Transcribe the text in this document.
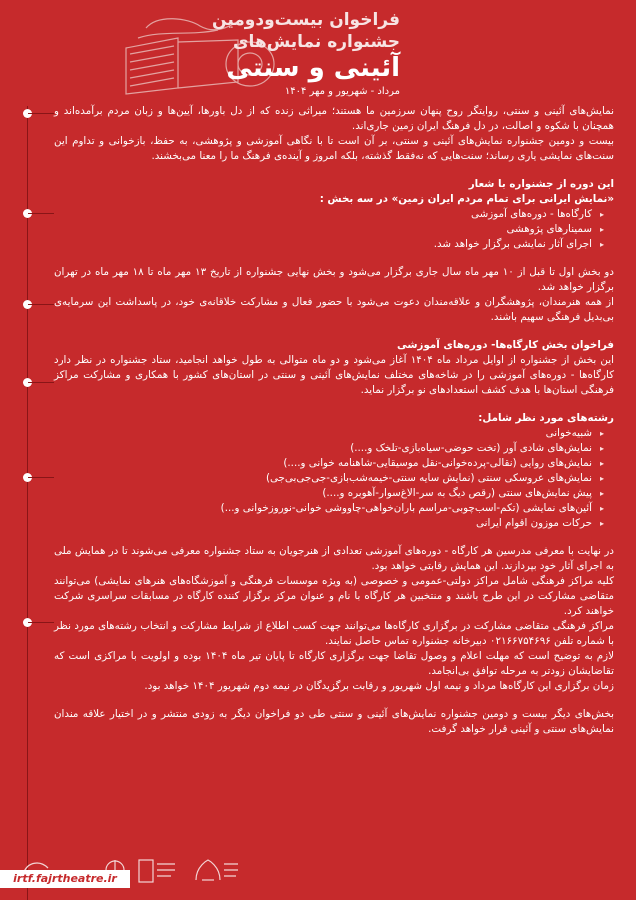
فراخوان بیست‌ودومین
جشنواره نمایش‌های
آئینی و سنتی
مرداد - شهریور و مهر ۱۴۰۴

نمایش‌های آئینی و سنتی، روایتگر روح پنهان سرزمین ما هستند؛ میراثی زنده که از دل باورها، آیین‌ها و زبان مردم برآمده‌اند و همچنان با شکوه و اصالت، در دل فرهنگ ایران زمین جاری‌اند.

بیست و دومین جشنواره نمایش‌های آئینی و سنتی، بر آن است تا با نگاهی آموزشی و پژوهشی، به حفظ، بازخوانی و تداوم این سنت‌های نمایشی یاری رساند؛ سنت‌هایی که نه‌فقط گذشته، بلکه امروز و آینده‌ی فرهنگ ما را معنا می‌بخشند.

این دوره از جشنواره با شعار

«نمایش ایرانی برای تمام مردم ایران زمین» در سه بخش :

▸ کارگاه‌ها - دوره‌های آموزشی
▸ سمینارهای پژوهشی
▸ اجرای آثار نمایشی برگزار خواهد شد.

دو بخش اول تا قبل از ۱۰ مهر ماه سال جاری برگزار می‌شود و بخش نهایی جشنواره از تاریخ ۱۳ مهر ماه تا ۱۸ مهر ماه در تهران برگزار خواهد شد.

از همه هنرمندان، پژوهشگران و علاقه‌مندان دعوت می‌شود با حضور فعال و مشارکت خلاقانه‌ی خود، در پاسداشت این سرمایه‌ی بی‌بدیل فرهنگی سهیم باشند.

فراخوان بخش کارگاه‌ها- دوره‌های آموزشی

این بخش از جشنواره از اوایل مرداد ماه ۱۴۰۴ آغاز می‌شود و دو ماه متوالی به طول خواهد انجامید، ستاد جشنواره در نظر دارد کارگاه‌ها - دوره‌های آموزشی را در شاخه‌های مختلف نمایش‌های آئینی و سنتی در استان‌های کشور با همکاری و مشارکت مراکز فرهنگی استان‌ها با هدف کشف استعدادهای نو برگزار نماید.

رشته‌های مورد نظر شامل:

▸ شبیه‌خوانی
▸ نمایش‌های شادی آور (تخت حوضی-سیاه‌بازی-تلخک و....)
▸ نمایش‌های روایی (نقالی-پرده‌خوانی-نقل موسیقایی-شاهنامه خوانی و....)
▸ نمایش‌های عروسکی سنتی (نمایش سایه سنتی-خیمه‌شب‌بازی-جی‌جی‌بی‌جی)
▸ پیش نمایش‌های سنتی (رقص دیگ به سر-الاغ‌سوار-آهوبره و....)
▸ آئین‌های نمایشی (تکم-اسب‌چوبی-مراسم باران‌خواهی-چاووشی خوانی-نوروزخوانی و...)
▸ حرکات موزون اقوام ایرانی

در نهایت با معرفی مدرسین هر کارگاه - دوره‌های آموزشی تعدادی از هنرجویان به ستاد جشنواره معرفی می‌شوند تا در همایش ملی به اجرای آثار خود بپردازند. این همایش رقابتی خواهد بود.

کلیه مراکز فرهنگی شامل مراکز دولتی-عمومی و خصوصی (به ویژه موسسات فرهنگی و آموزشگاه‌های هنرهای نمایشی) می‌توانند متقاضی مشارکت در این طرح باشند و منتخبین هر کارگاه با نام و عنوان مرکز برگزار کننده کارگاه در مسابقات سراسری شرکت خواهند کرد.

مراکز فرهنگی متقاضی مشارکت در برگزاری کارگاه‌ها می‌توانند جهت کسب اطلاع از شرایط مشارکت و انتخاب رشته‌های مورد نظر با شماره تلفن ۰۲۱۶۶۷۵۴۶۹۶ دبیرخانه جشنواره تماس حاصل نمایند.

لازم به توضیح است که مهلت اعلام و وصول تقاضا جهت برگزاری کارگاه تا پایان تیر ماه ۱۴۰۴ بوده و اولویت با مراکزی است که تقاضایشان زودتر به مرحله توافق بی‌انجامد.

زمان برگزاری این کارگاه‌ها مرداد و نیمه اول شهریور و رقابت برگزیدگان در نیمه دوم شهریور ۱۴۰۴ خواهد بود.

بخش‌های دیگر بیست و دومین جشنواره نمایش‌های آئینی و سنتی طی دو فراخوان دیگر به زودی منتشر و در اختیار علاقه مندان نمایش‌های سنتی و آئینی قرار خواهد گرفت.

irtf.fajrtheatre.ir
